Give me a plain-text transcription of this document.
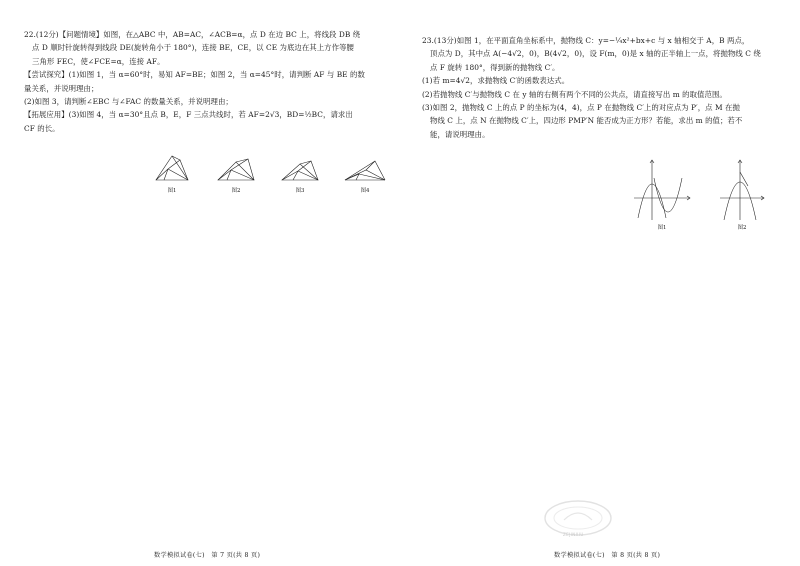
22.(12分)【问题情境】如图，在△ABC 中，AB=AC，∠ACB=α，点 D 在边 BC 上，将线段 DB 绕

点 D 顺时针旋转得到线段 DE(旋转角小于 180°)，连接 BE，CE，以 CE 为底边在其上方作等腰

三角形 FEC，使∠FCE=α，连接 AF。

【尝试探究】(1)如图 1，当 α=60°时，易知 AF=BE；如图 2，当 α=45°时，请判断 AF 与 BE 的数

量关系，并说明理由；

(2)如图 3，请判断∠EBC 与∠FAC 的数量关系，并说明理由；

【拓展应用】(3)如图 4，当 α=30°且点 B，E，F 三点共线时，若 AF=2√3，BD=½BC，请求出

CF 的长。

图1	图2	图3	图4
数学模拟试卷(七)　第 7 页(共 8 页)

23.(13分)如图 1，在平面直角坐标系中，抛物线 C：y=−¼x²+bx+c 与 x 轴相交于 A，B 两点，

顶点为 D，其中点 A(−4√2，0)，B(4√2，0)，设 F(m，0)是 x 轴的正半轴上一点，将抛物线 C 绕

点 F 旋转 180°，得到新的抛物线 C′。

(1)若 m=4√2，求抛物线 C′的函数表达式。

(2)若抛物线 C′与抛物线 C 在 y 轴的右侧有两个不同的公共点，请直接写出 m 的取值范围。

(3)如图 2，抛物线 C 上的点 P 的坐标为(4，4)，点 P 在抛物线 C′上的对应点为 P′，点 M 在抛

物线 C 上，点 N 在抛物线 C′上，四边形 PMP′N 能否成为正方形？若能，求出 m 的值；若不

能，请说明理由。

图1	图2
数学模拟试卷(七)　第 8 页(共 8 页)
ZEJINXIU
